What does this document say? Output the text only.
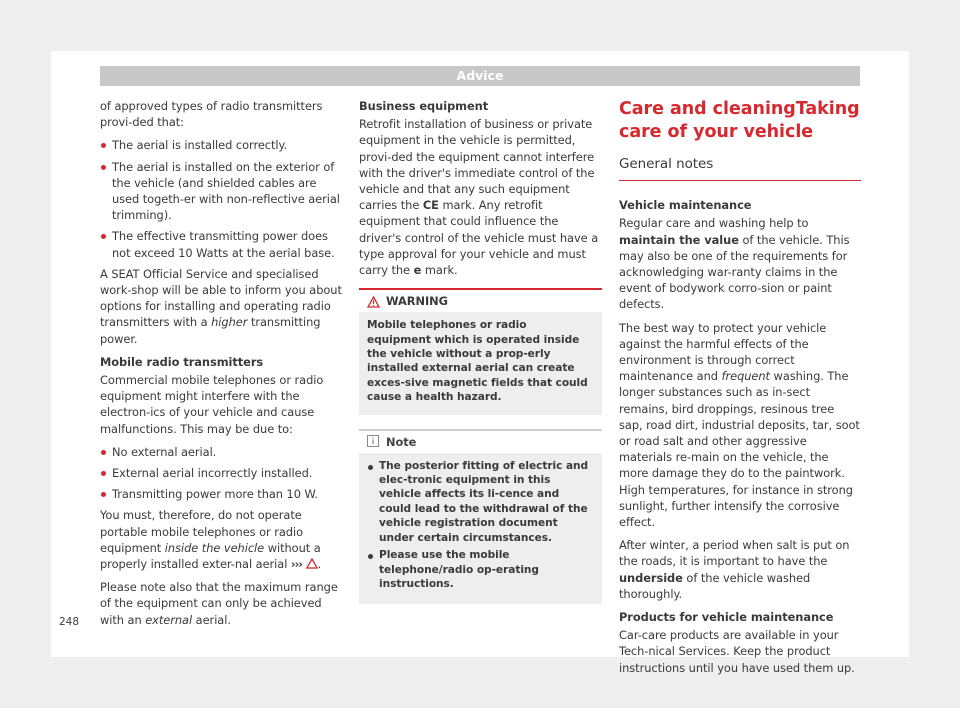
Advice

of approved types of radio transmitters provi-ded that:

The aerial is installed correctly.

The aerial is installed on the exterior of the vehicle (and shielded cables are used togeth-er with non-reflective aerial trimming).

The effective transmitting power does not exceed 10 Watts at the aerial base.

A SEAT Official Service and specialised work-shop will be able to inform you about options for installing and operating radio transmitters with a higher transmitting power.

Mobile radio transmitters

Commercial mobile telephones or radio equipment might interfere with the electron-ics of your vehicle and cause malfunctions. This may be due to:

No external aerial.

External aerial incorrectly installed.

Transmitting power more than 10 W.

You must, therefore, do not operate portable mobile telephones or radio equipment inside the vehicle without a properly installed exter-nal aerial ››› .

Please note also that the maximum range of the equipment can only be achieved with an external aerial.

Business equipment

Retrofit installation of business or private equipment in the vehicle is permitted, provi-ded the equipment cannot interfere with the driver's immediate control of the vehicle and that any such equipment carries the CE mark. Any retrofit equipment that could influence the driver's control of the vehicle must have a type approval for your vehicle and must carry the e mark.

WARNING
Mobile telephones or radio equipment which is operated inside the vehicle without a prop-erly installed external aerial can create exces-sive magnetic fields that could cause a health hazard.
Note

The posterior fitting of electric and elec-tronic equipment in this vehicle affects its li-cence and could lead to the withdrawal of the vehicle registration document under certain circumstances.

Please use the mobile telephone/radio op-erating instructions.

Care and cleaningTaking care of your vehicle
General notes

Vehicle maintenance

Regular care and washing help to maintain the value of the vehicle. This may also be one of the requirements for acknowledging war-ranty claims in the event of bodywork corro-sion or paint defects.

The best way to protect your vehicle against the harmful effects of the environment is through correct maintenance and frequent washing. The longer substances such as in-sect remains, bird droppings, resinous tree sap, road dirt, industrial deposits, tar, soot or road salt and other aggressive materials re-main on the vehicle, the more damage they do to the paintwork. High temperatures, for instance in strong sunlight, further intensify the corrosive effect.

After winter, a period when salt is put on the roads, it is important to have the underside of the vehicle washed thoroughly.

Products for vehicle maintenance

Car-care products are available in your Tech-nical Services. Keep the product instructions until you have used them up.

248
